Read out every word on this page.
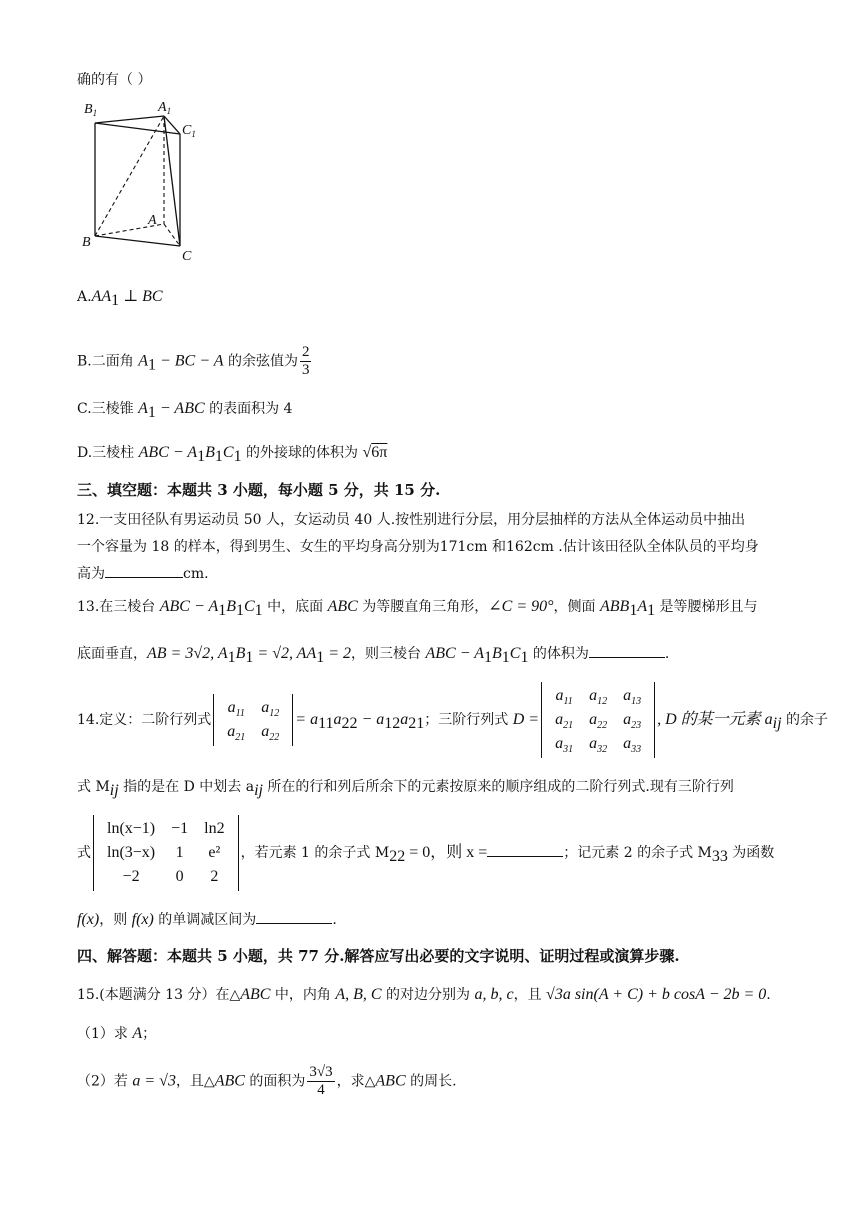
确的有（ ）
$B_1$	$A_1$
$C_1$
A
B
C
$A.AA_1$ ⊥ BC
B.二面角 $A_1$ − BC − A 的余弦值为 $\frac{2}{3}$
C.三棱锥 $A_1$ − ABC 的表面积为 4
D.三棱柱 ABC − $A_1B_1C_1$ 的外接球的体积为 √6π
三、填空题：本题共 3 小题，每小题 5 分，共 15 分.
12.一支田径队有男运动员 50 人，女运动员 40 人.按性别进行分层，用分层抽样的方法从全体运动员中抽出
一个容量为 18 的样本，得到男生、女生的平均身高分别为171cm 和162cm .估计该田径队全体队员的平均身
高为	cm.
13.在三棱台 ABC − $A_1B_1C_1$ 中，底面 ABC 为等腰直角三角形，∠C = 90°，侧面 $ABB_1A_1$ 是等腰梯形且与
底面垂直，AB = 3√2, $A_1B_1 = √2$, $AA_1 = 2$，则三棱台 ABC − $A_1B_1C_1$ 的体积为	.
14.定义：二阶行列式
$a_{11}$	$a_{12}$
$a_{21}$	$a_{22}$
= $a_{11}a_{22} - a_{12}a_{21}$；三阶行列式 D =
$a_{11}$	$a_{12}$	$a_{13}$
$a_{21}$	$a_{22}$	$a_{23}$
$a_{31}$	$a_{32}$	$a_{33}$
, D 的某一元素 $a_{ij}$ 的余子
式 $M_{ij}$ 指的是在 D 中划去 $a_{ij}$ 所在的行和列后所余下的元素按原来的顺序组成的二阶行列式.现有三阶行列
式
ln(x−1)	−1	ln2
ln(3−x)	1	e²
−2	0	2
，若元素 1 的余子式 $M_{22} = 0$，则 x =	；记元素 2 的余子式 $M_{33}$ 为函数
f(x)，则 f(x) 的单调减区间为	.
四、解答题：本题共 5 小题，共 77 分.解答应写出必要的文字说明、证明过程或演算步骤.
15.(本题满分 13 分）在△ABC 中，内角 A, B, C 的对边分别为 a, b, c，且 √3a sin(A + C) + b cosA − 2b = 0.
（1）求 A；
（2）若 a = √3，且△ABC 的面积为 $\frac{3√3}{4}$ ，求△ABC 的周长.
